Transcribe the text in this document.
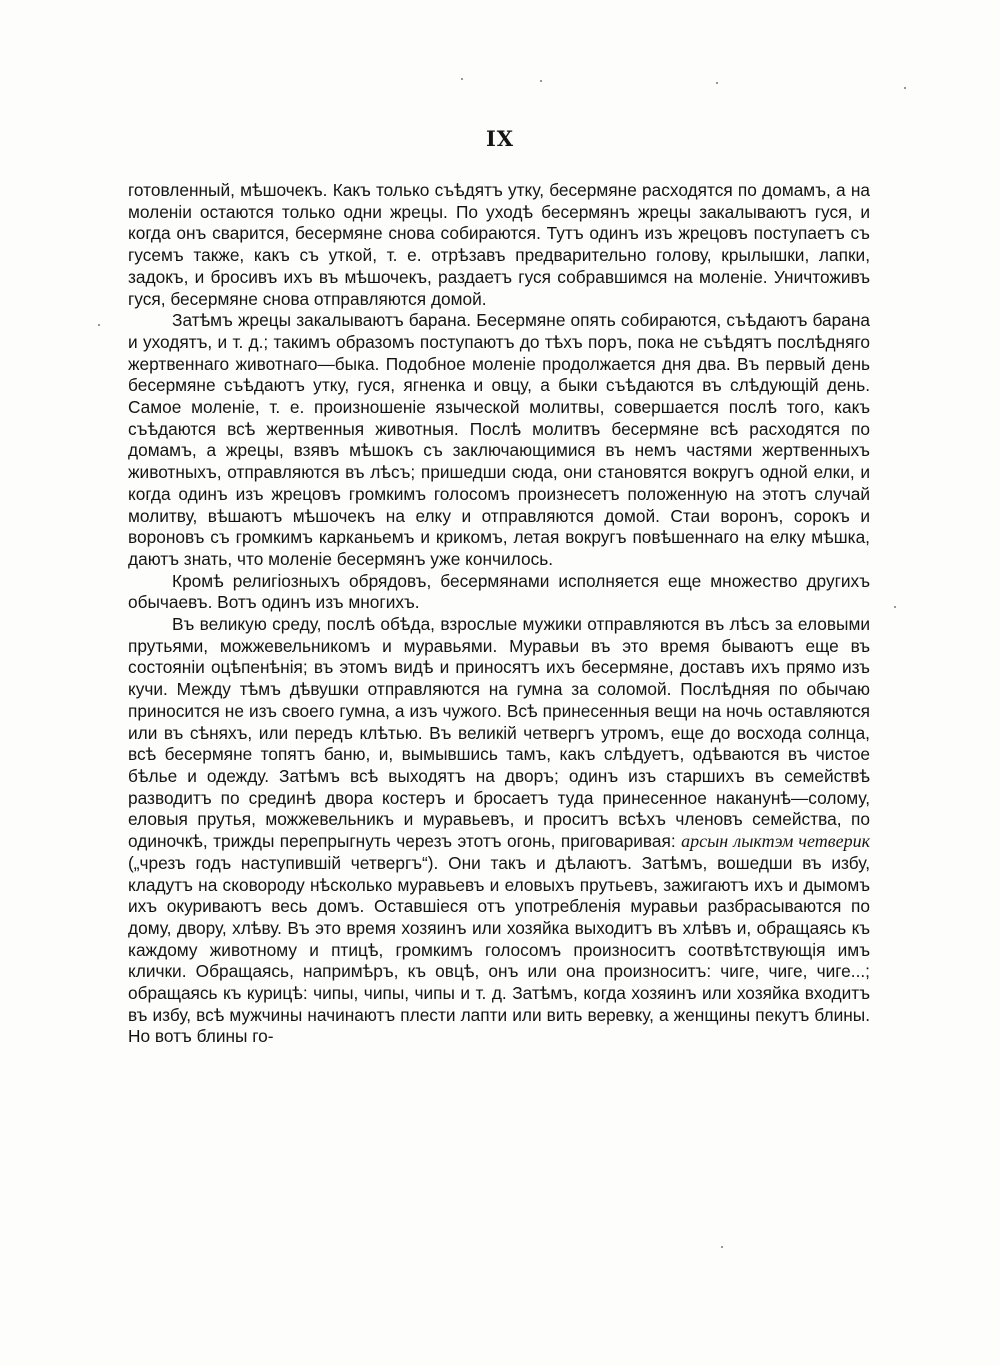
IX

готовленный, мѣшочекъ. Какъ только съѣдятъ утку, бесермяне расходятся по домамъ, а на моленіи остаются только одни жрецы. По уходѣ бесермянъ жрецы закалываютъ гуся, и когда онъ сварится, бесермяне снова собираются. Тутъ одинъ изъ жрецовъ поступаетъ съ гусемъ также, какъ съ уткой, т. е. отрѣзавъ предварительно голову, крылышки, лапки, задокъ, и бросивъ ихъ въ мѣшочекъ, раздаетъ гуся собравшимся на моленіе. Уничтоживъ гуся, бесермяне снова отправляются домой.

Затѣмъ жрецы закалываютъ барана. Бесермяне опять собираются, съѣдаютъ барана и уходятъ, и т. д.; такимъ образомъ поступаютъ до тѣхъ поръ, пока не съѣдятъ послѣдняго жертвеннаго животнаго—быка. Подобное моленіе продолжается дня два. Въ первый день бесермяне съѣдаютъ утку, гуся, ягненка и овцу, а быки съѣдаются въ слѣдующій день. Самое моленіе, т. е. произношеніе языческой молитвы, совершается послѣ того, какъ съѣдаются всѣ жертвенныя животныя. Послѣ молитвъ бесермяне всѣ расходятся по домамъ, а жрецы, взявъ мѣшокъ съ заключающимися въ немъ частями жертвенныхъ животныхъ, отправляются въ лѣсъ; пришедши сюда, они становятся вокругъ одной елки, и когда одинъ изъ жрецовъ громкимъ голосомъ произнесетъ положенную на этотъ случай молитву, вѣшаютъ мѣшочекъ на елку и отправляются домой. Стаи воронъ, сорокъ и вороновъ съ громкимъ карканьемъ и крикомъ, летая вокругъ повѣшеннаго на елку мѣшка, даютъ знать, что моленіе бесермянъ уже кончилось.

Кромѣ религіозныхъ обрядовъ, бесермянами исполняется еще множество другихъ обычаевъ. Вотъ одинъ изъ многихъ.

Въ великую среду, послѣ обѣда, взрослые мужики отправляются въ лѣсъ за еловыми прутьями, можжевельникомъ и муравьями. Муравьи въ это время бываютъ еще въ состояніи оцѣпенѣнія; въ этомъ видѣ и приносятъ ихъ бесермяне, доставъ ихъ прямо изъ кучи. Между тѣмъ дѣвушки отправляются на гумна за соломой. Послѣдняя по обычаю приносится не изъ своего гумна, а изъ чужого. Всѣ принесенныя вещи на ночь оставляются или въ сѣняхъ, или передъ клѣтью. Въ великій четвергъ утромъ, еще до восхода солнца, всѣ бесермяне топятъ баню, и, вымывшись тамъ, какъ слѣдуетъ, одѣваются въ чистое бѣлье и одежду. Затѣмъ всѣ выходятъ на дворъ; одинъ изъ старшихъ въ семействѣ разводитъ по срединѣ двора костеръ и бросаетъ туда принесенное наканунѣ—солому, еловыя прутья, можжевельникъ и муравьевъ, и проситъ всѣхъ членовъ семейства, по одиночкѣ, трижды перепрыгнуть черезъ этотъ огонь, приговаривая: арсын лыктэм четверик („чрезъ годъ наступившій четвергъ“). Они такъ и дѣлаютъ. Затѣмъ, вошедши въ избу, кладутъ на сковороду нѣсколько муравьевъ и еловыхъ прутьевъ, зажигаютъ ихъ и дымомъ ихъ окуриваютъ весь домъ. Оставшіеся отъ употребленія муравьи разбрасываются по дому, двору, хлѣву. Въ это время хозяинъ или хозяйка выходитъ въ хлѣвъ и, обращаясь къ каждому животному и птицѣ, громкимъ голосомъ произноситъ соотвѣтствующія имъ клички. Обращаясь, напримѣръ, къ овцѣ, онъ или она произноситъ: чиге, чиге, чиге...; обращаясь къ курицѣ: чипы, чипы, чипы и т. д. Затѣмъ, когда хозяинъ или хозяйка входитъ въ избу, всѣ мужчины начинаютъ плести лапти или вить веревку, а женщины пекутъ блины. Но вотъ блины го-
